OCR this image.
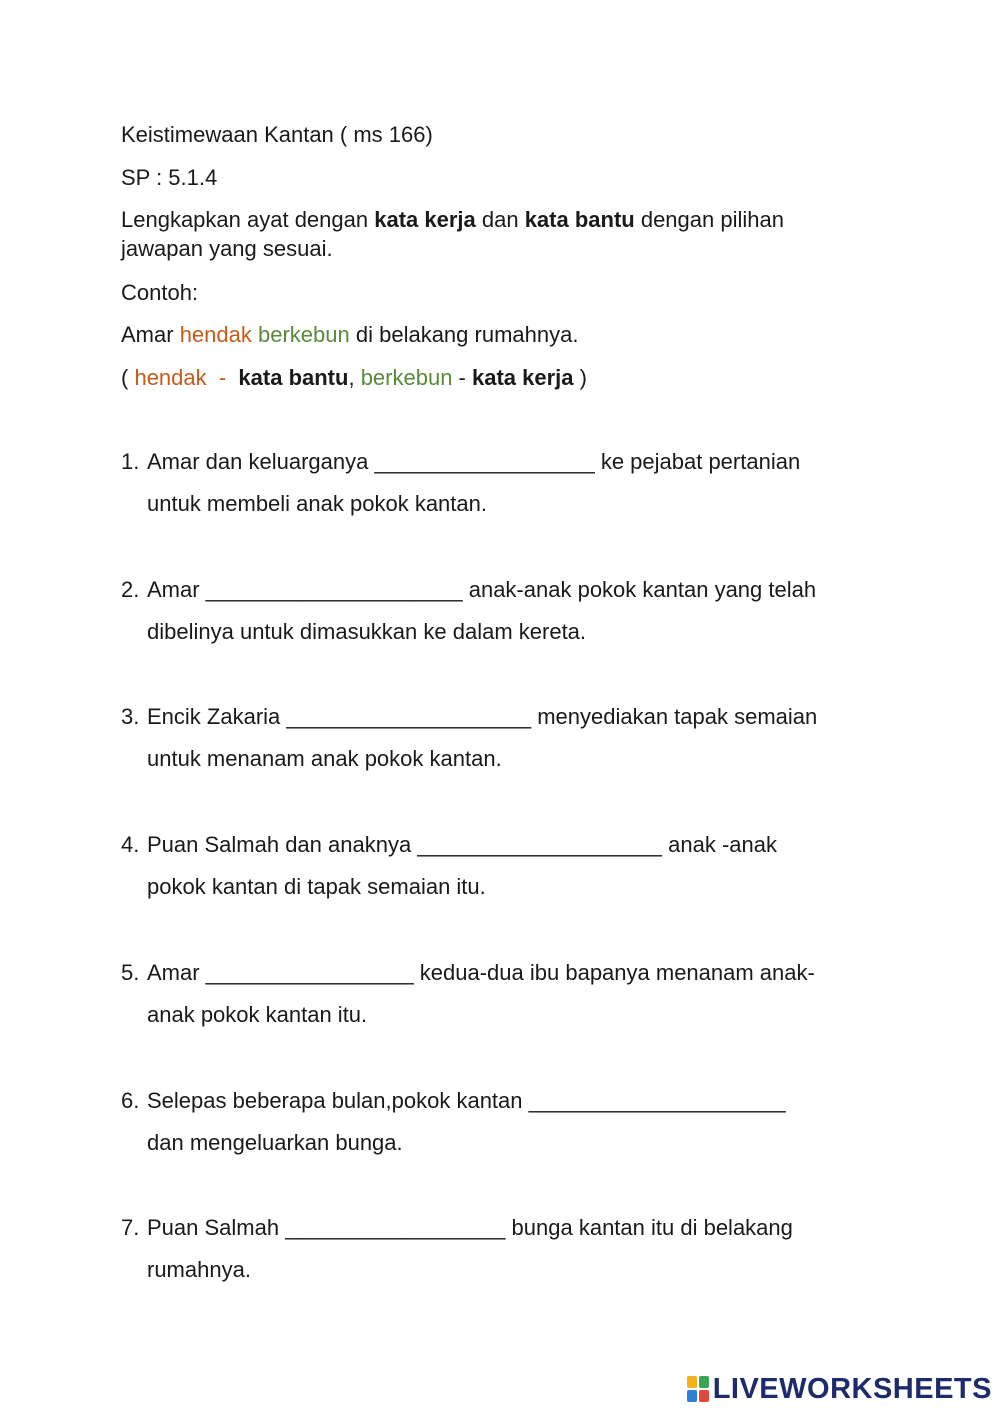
Keistimewaan Kantan ( ms 166)
SP : 5.1.4
Lengkapkan ayat dengan kata kerja dan kata bantu dengan pilihan
jawapan yang sesuai.
Contoh:
Amar hendak berkebun di belakang rumahnya.
( hendak  - kata bantu, berkebun - kata kerja )
1. Amar dan keluarganya __________________ ke pejabat pertanian
untuk membeli anak pokok kantan.
2. Amar _____________________ anak-anak pokok kantan yang telah
dibelinya untuk dimasukkan ke dalam kereta.
3. Encik Zakaria ____________________ menyediakan tapak semaian
untuk menanam anak pokok kantan.
4. Puan Salmah dan anaknya ____________________ anak -anak
pokok kantan di tapak semaian itu.
5. Amar _________________ kedua-dua ibu bapanya menanam anak-
anak pokok kantan itu.
6. Selepas beberapa bulan,pokok kantan _____________________
dan mengeluarkan bunga.
7. Puan Salmah __________________ bunga kantan itu di belakang
rumahnya.
LIVEWORKSHEETS
